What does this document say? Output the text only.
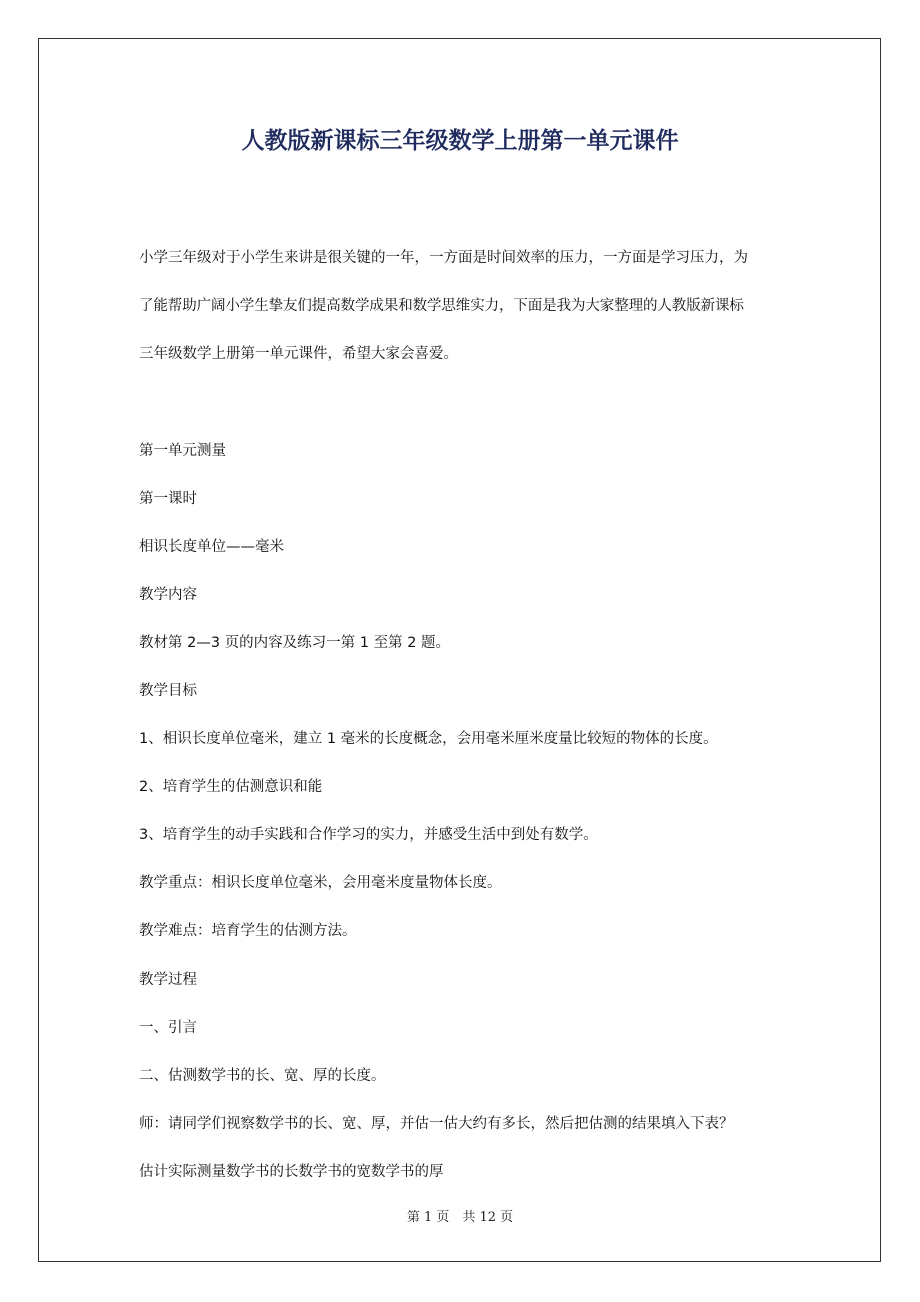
人教版新课标三年级数学上册第一单元课件
小学三年级对于小学生来讲是很关键的一年，一方面是时间效率的压力，一方面是学习压力，为
了能帮助广阔小学生挚友们提高数学成果和数学思维实力，下面是我为大家整理的人教版新课标
三年级数学上册第一单元课件，希望大家会喜爱。
第一单元测量
第一课时
相识长度单位——毫米
教学内容
教材第 2—3 页的内容及练习一第 1 至第 2 题。
教学目标
1、相识长度单位毫米，建立 1 毫米的长度概念，会用毫米厘米度量比较短的物体的长度。
2、培育学生的估测意识和能
3、培育学生的动手实践和合作学习的实力，并感受生活中到处有数学。
教学重点：相识长度单位毫米，会用毫米度量物体长度。
教学难点：培育学生的估测方法。
教学过程
一、引言
二、估测数学书的长、宽、厚的长度。
师：请同学们视察数学书的长、宽、厚，并估一估大约有多长，然后把估测的结果填入下表？
估计实际测量数学书的长数学书的宽数学书的厚
第 1 页　共 12 页
